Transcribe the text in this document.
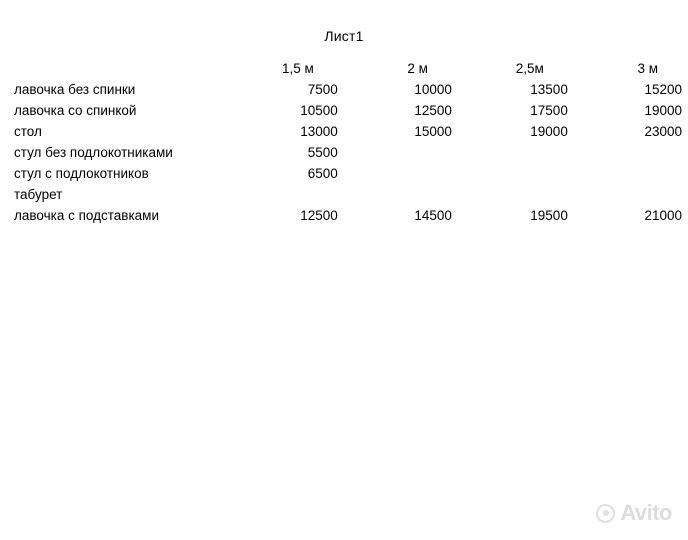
Лист1
	1,5 м	2 м	2,5м	3 м
лавочка без спинки	7500	10000	13500	15200
лавочка со спинкой	10500	12500	17500	19000
стол	13000	15000	19000	23000
стул без подлокотниками	5500			
стул с подлокотников	6500			
табурет				
лавочка с подставками	12500	14500	19500	21000
Avito
